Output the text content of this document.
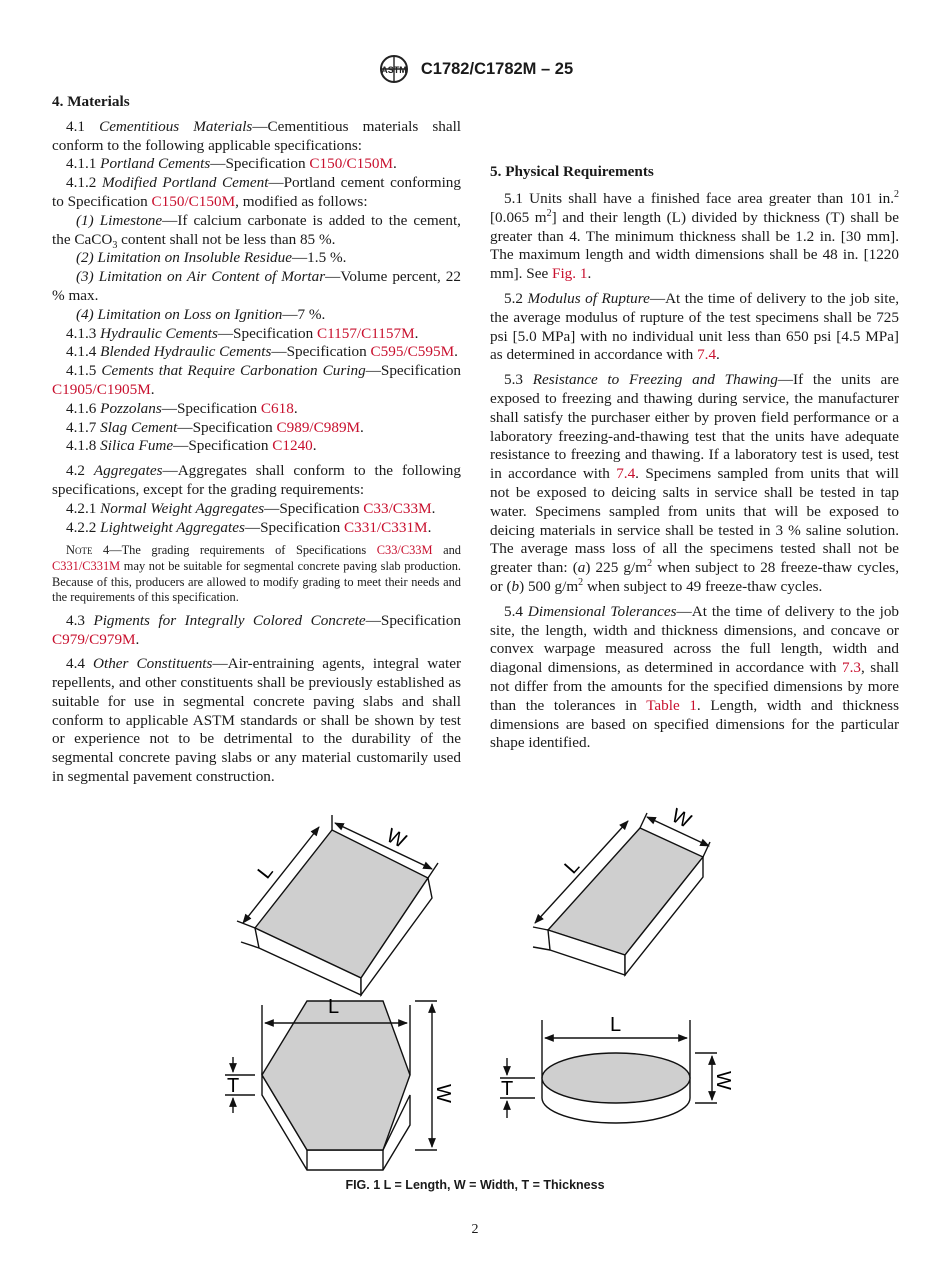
ASTM C1782/C1782M – 25
4. Materials

4.1 Cementitious Materials—Cementitious materials shall conform to the following applicable specifications:

4.1.1 Portland Cements—Specification C150/C150M.

4.1.2 Modified Portland Cement—Portland cement conforming to Specification C150/C150M, modified as follows:

(1) Limestone—If calcium carbonate is added to the cement, the CaCO$_3$ content shall not be less than 85 %.

(2) Limitation on Insoluble Residue—1.5 %.

(3) Limitation on Air Content of Mortar—Volume percent, 22 % max.

(4) Limitation on Loss on Ignition—7 %.

4.1.3 Hydraulic Cements—Specification C1157/C1157M.

4.1.4 Blended Hydraulic Cements—Specification C595/C595M.

4.1.5 Cements that Require Carbonation Curing—Specification C1905/C1905M.

4.1.6 Pozzolans—Specification C618.

4.1.7 Slag Cement—Specification C989/C989M.

4.1.8 Silica Fume—Specification C1240.

4.2 Aggregates—Aggregates shall conform to the following specifications, except for the grading requirements:

4.2.1 Normal Weight Aggregates—Specification C33/C33M.

4.2.2 Lightweight Aggregates—Specification C331/C331M.

Note 4—The grading requirements of Specifications C33/C33M and C331/C331M may not be suitable for segmental concrete paving slab production. Because of this, producers are allowed to modify grading to meet their needs and the requirements of this specification.

4.3 Pigments for Integrally Colored Concrete—Specification C979/C979M.

4.4 Other Constituents—Air-entraining agents, integral water repellents, and other constituents shall be previously established as suitable for use in segmental concrete paving slabs and shall conform to applicable ASTM standards or shall be shown by test or experience not to be detrimental to the durability of the segmental concrete paving slabs or any material customarily used in segmental pavement construction.

5. Physical Requirements

5.1 Units shall have a finished face area greater than 101 in.$^2$ [0.065 $m^2$] and their length (L) divided by thickness (T) shall be greater than 4. The minimum thickness shall be 1.2 in. [30 mm]. The maximum length and width dimensions shall be 48 in. [1220 mm]. See Fig. 1.

5.2 Modulus of Rupture—At the time of delivery to the job site, the average modulus of rupture of the test specimens shall be 725 psi [5.0 MPa] with no individual unit less than 650 psi [4.5 MPa] as determined in accordance with 7.4.

5.3 Resistance to Freezing and Thawing—If the units are exposed to freezing and thawing during service, the manufacturer shall satisfy the purchaser either by proven field performance or a laboratory freezing-and-thawing test that the units have adequate resistance to freezing and thawing. If a laboratory test is used, test in accordance with 7.4. Specimens sampled from units that will not be exposed to deicing salts in service shall be tested in tap water. Specimens sampled from units that will be exposed to deicing materials in service shall be tested in 3 % saline solution. The average mass loss of all the specimens tested shall not be greater than: (a) 225 $g/m^2$ when subject to 28 freeze-thaw cycles, or (b) 500 $g/m^2$ when subject to 49 freeze-thaw cycles.

5.4 Dimensional Tolerances—At the time of delivery to the job site, the length, width and thickness dimensions, and concave or convex warpage measured across the full length, width and diagonal dimensions, as determined in accordance with 7.3, shall not differ from the amounts for the specified dimensions by more than the tolerances in Table 1. Length, width and thickness dimensions are based on specified dimensions for the particular shape identified.

W
L
W
L
L
W
T
L
W
T
FIG. 1 L = Length, W = Width, T = Thickness
2
